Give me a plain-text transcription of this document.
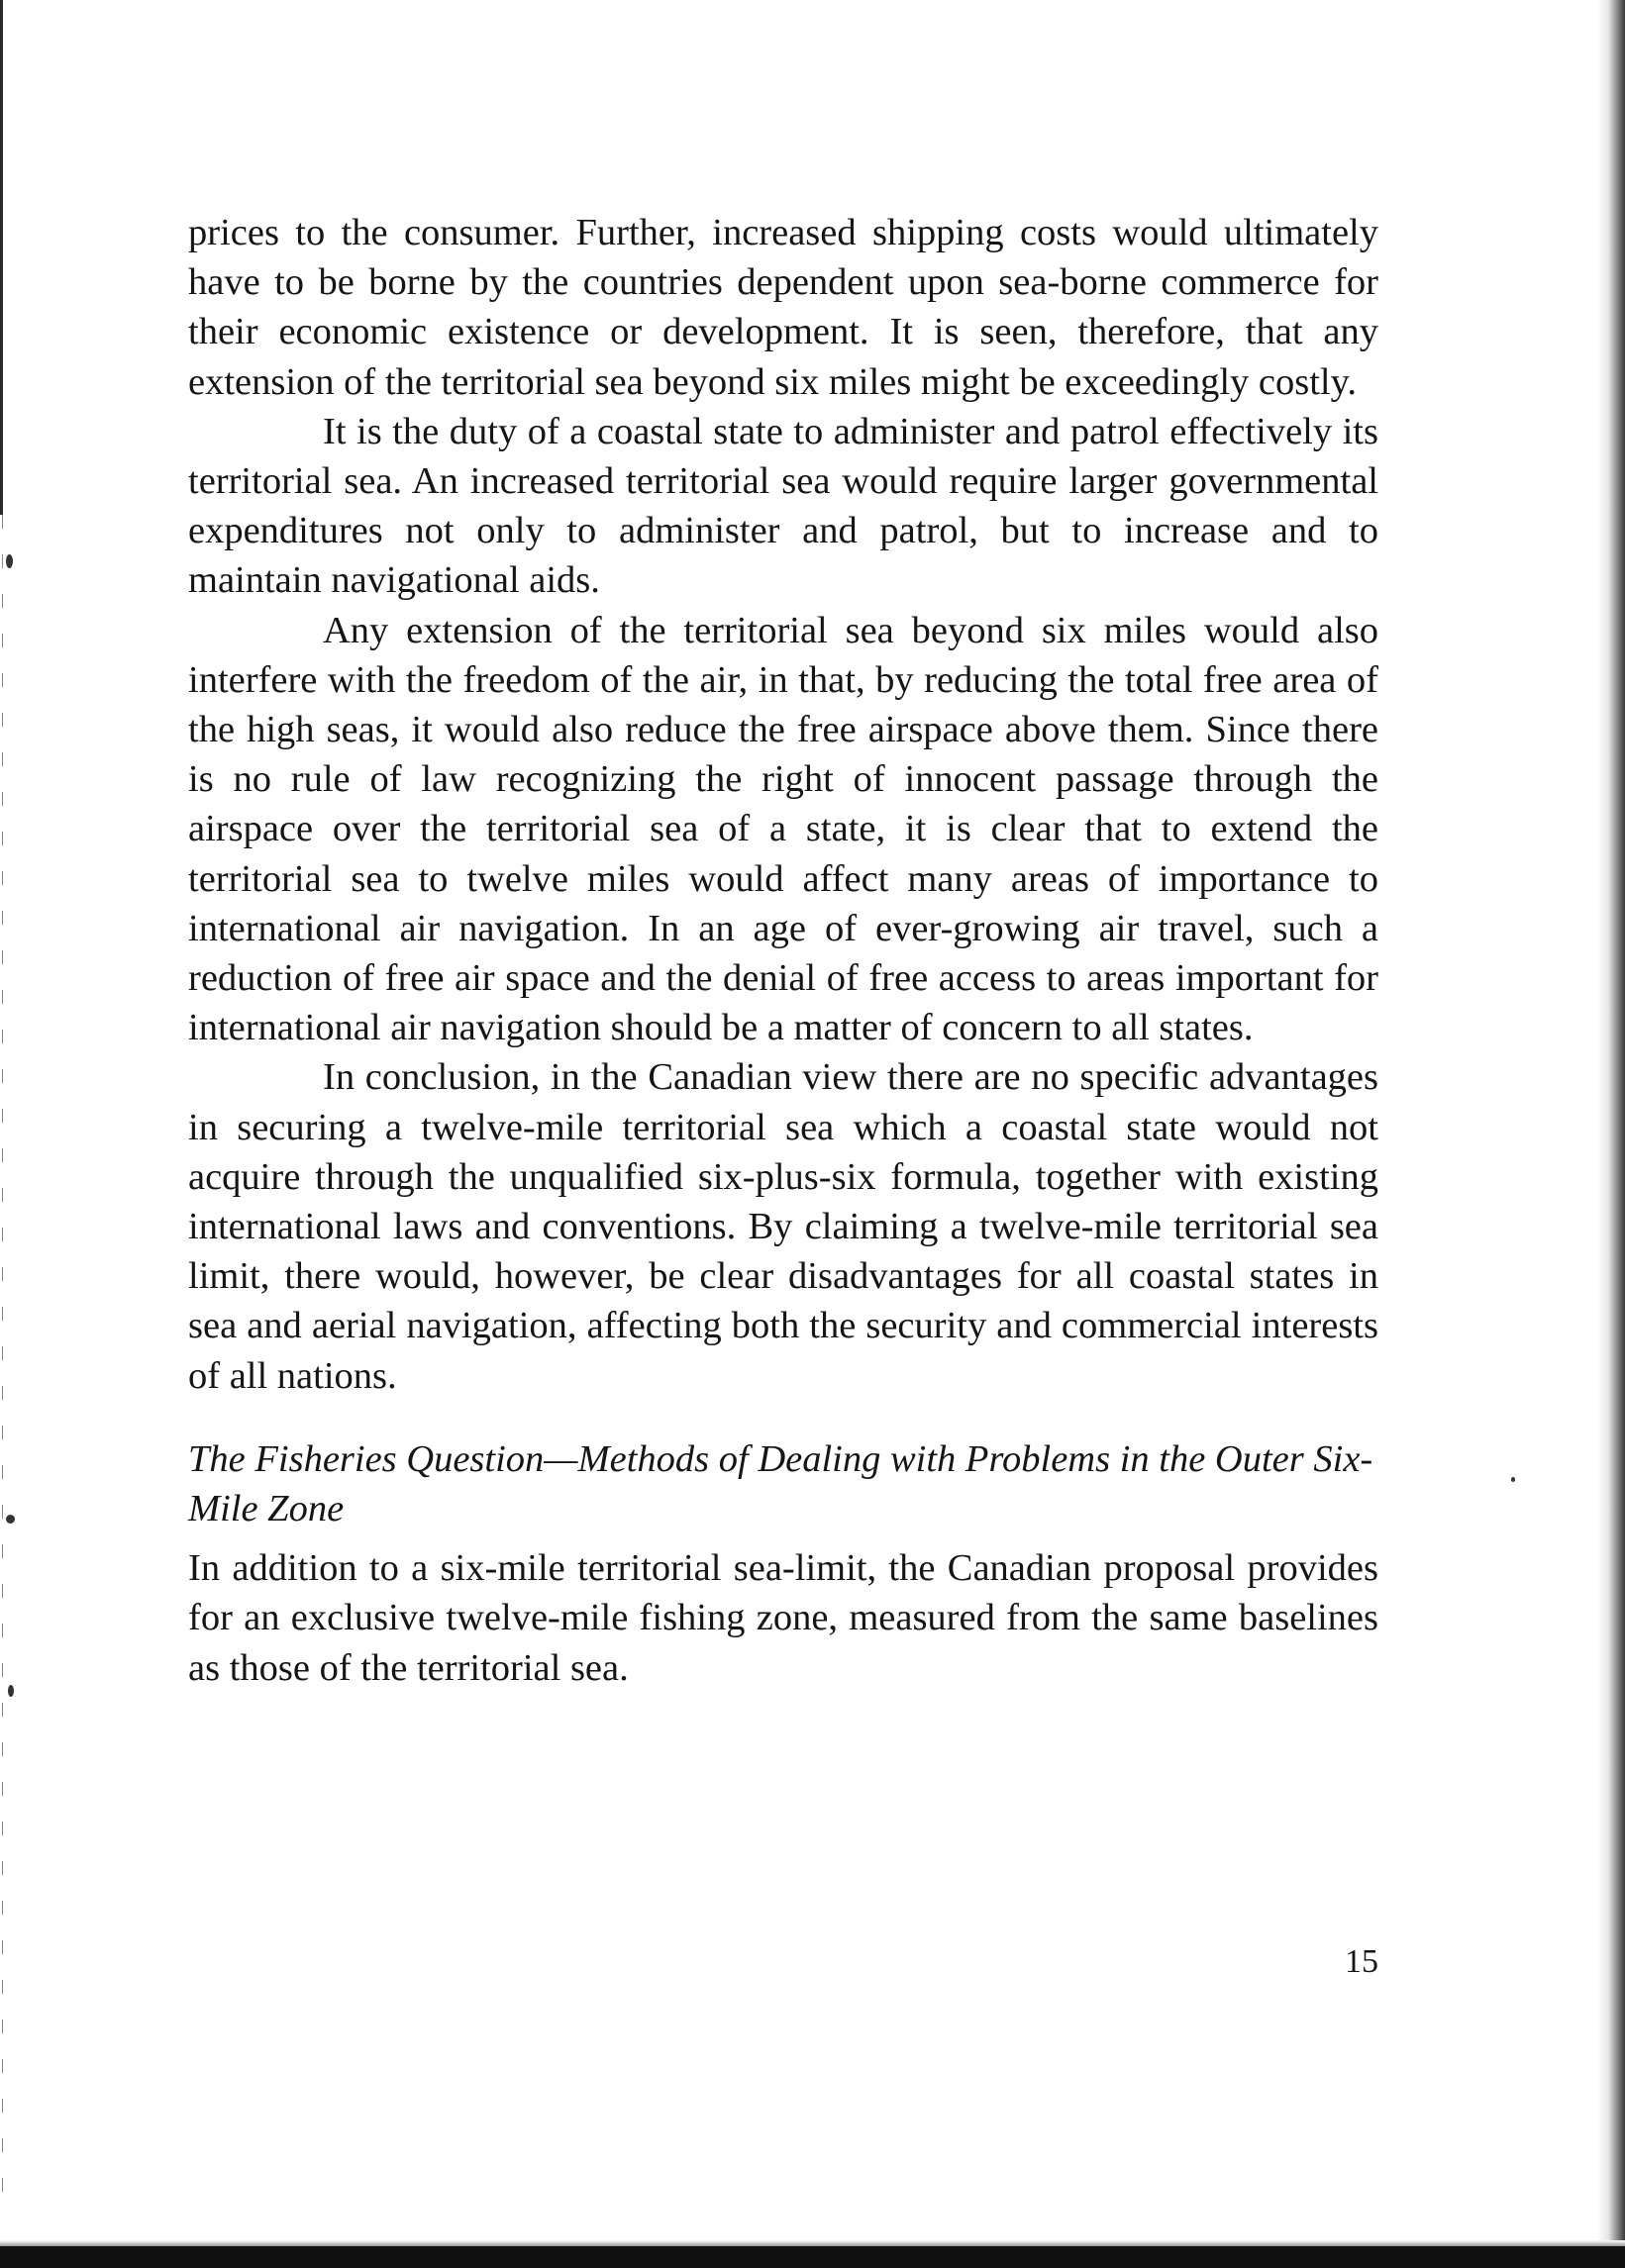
prices to the consumer. Further, increased shipping costs would ultimately have to be borne by the countries dependent upon sea-borne commerce for their economic existence or development. It is seen, therefore, that any extension of the territorial sea beyond six miles might be exceedingly costly.

It is the duty of a coastal state to administer and patrol effectively its territorial sea. An increased territorial sea would require larger governmental expenditures not only to administer and patrol, but to increase and to maintain navigational aids.

Any extension of the territorial sea beyond six miles would also interfere with the freedom of the air, in that, by reducing the total free area of the high seas, it would also reduce the free airspace above them. Since there is no rule of law recognizing the right of innocent passage through the airspace over the territorial sea of a state, it is clear that to extend the territorial sea to twelve miles would affect many areas of importance to international air navigation. In an age of ever-growing air travel, such a reduction of free air space and the denial of free access to areas important for international air navigation should be a matter of concern to all states.

In conclusion, in the Canadian view there are no specific advantages in securing a twelve-mile territorial sea which a coastal state would not acquire through the unqualified six-plus-six formula, together with existing international laws and conventions. By claiming a twelve-mile territorial sea limit, there would, however, be clear disadvantages for all coastal states in sea and aerial navigation, affecting both the security and commercial interests of all nations.

The Fisheries Question—Methods of Dealing with Problems in the Outer Six-Mile Zone

In addition to a six-mile territorial sea-limit, the Canadian proposal provides for an exclusive twelve-mile fishing zone, measured from the same baselines as those of the territorial sea.

15
